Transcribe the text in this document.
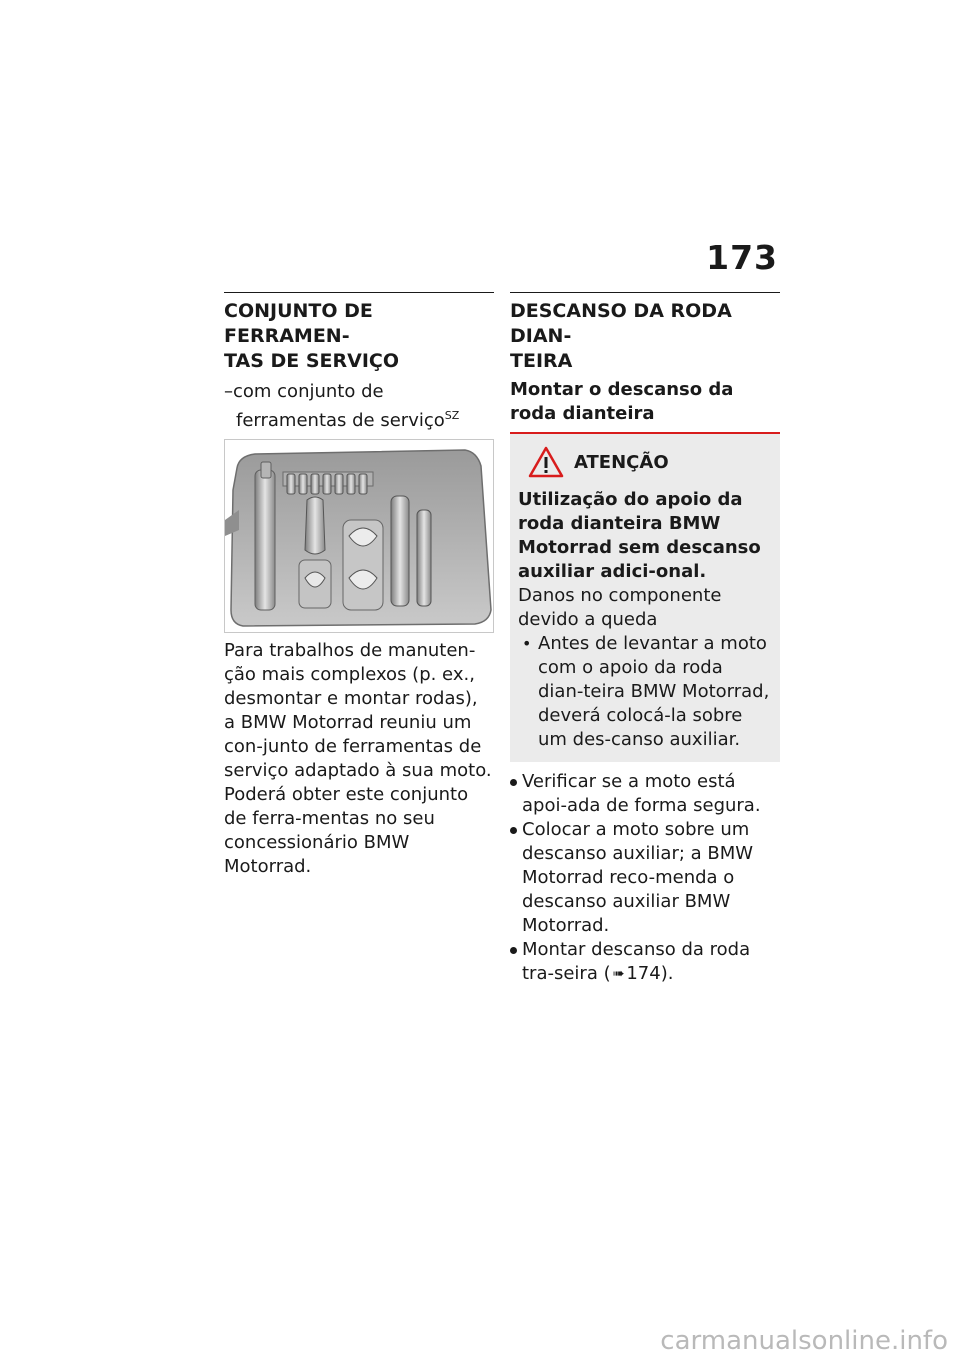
173
CONJUNTO DE FERRAMEN-
TAS DE SERVIÇO

–com conjunto de ferramentas de serviço$^{SZ}$

Para trabalhos de manuten-ção mais complexos (p. ex., desmontar e montar rodas), a BMW Motorrad reuniu um con-junto de ferramentas de serviço adaptado à sua moto. Poderá obter este conjunto de ferra-mentas no seu concessionário BMW Motorrad.

DESCANSO DA RODA DIAN-
TEIRA
Montar o descanso da roda dianteira
ATENÇÃO

Utilização do apoio da roda dianteira BMW Motorrad sem descanso auxiliar adici-onal.

Danos no componente devido a queda

• Antes de levantar a moto com o apoio da roda dian-teira BMW Motorrad, deverá colocá-la sobre um des-canso auxiliar.
Verificar se a moto está apoi-ada de forma segura.
Colocar a moto sobre um descanso auxiliar; a BMW Motorrad reco-menda o descanso auxiliar BMW Motorrad.
Montar descanso da roda tra-seira ( ➠ 174).
carmanualsonline.info
